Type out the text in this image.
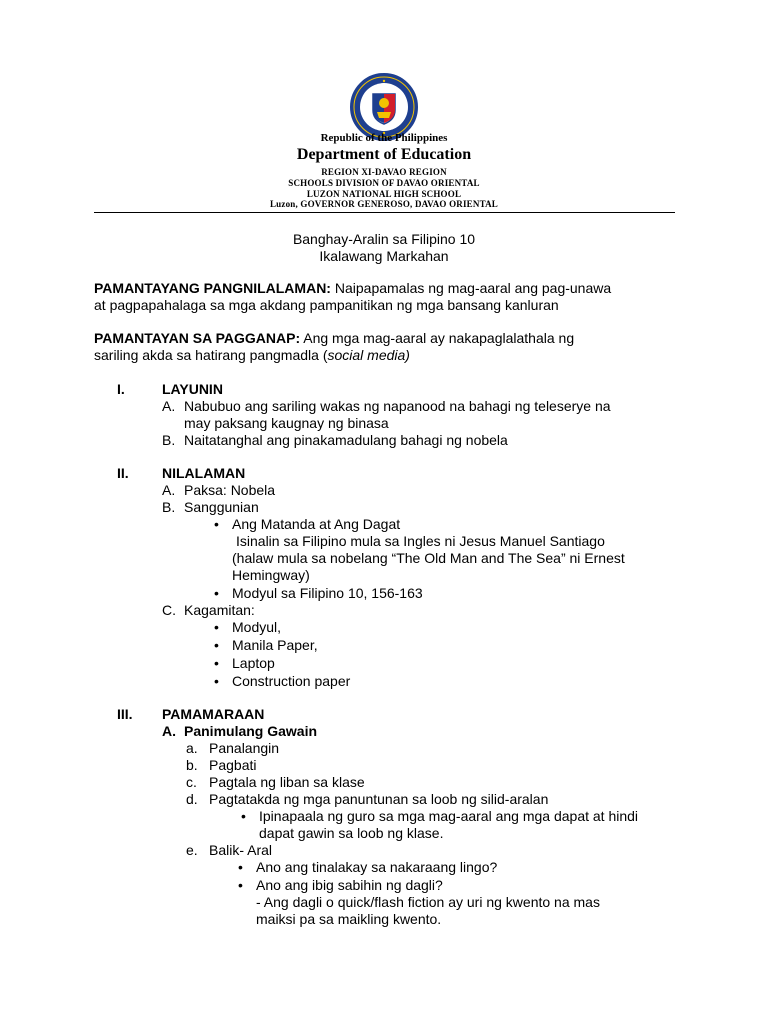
Republic of the Philippines
Department of Education
REGION XI-DAVAO REGION
SCHOOLS DIVISION OF DAVAO ORIENTAL
LUZON NATIONAL HIGH SCHOOL
Luzon, GOVERNOR GENEROSO, DAVAO ORIENTAL
Banghay-Aralin sa Filipino 10
Ikalawang Markahan
PAMANTAYANG PANGNILALAMAN: Naipapamalas ng mag-aaral ang pag-unawa
at pagpapahalaga sa mga akdang pampanitikan ng mga bansang kanluran
PAMANTAYAN SA PAGGANAP: Ang mga mag-aaral ay nakapaglalathala ng
sariling akda sa hatirang pangmadla (social media)
I.	LAYUNIN
A. Nabubuo ang sariling wakas ng napanood na bahagi ng teleserye na
may paksang kaugnay ng binasa
B. Naitatanghal ang pinakamadulang bahagi ng nobela
II. NILALAMAN
A. Paksa: Nobela
B. Sanggunian
• Ang Matanda at Ang Dagat
Isinalin sa Filipino mula sa Ingles ni Jesus Manuel Santiago
(halaw mula sa nobelang “The Old Man and The Sea” ni Ernest
Hemingway)
• Modyul sa Filipino 10, 156-163
C. Kagamitan:
• Modyul,
• Manila Paper,
• Laptop
• Construction paper
III. PAMAMARAAN
A. Panimulang Gawain
a. Panalangin
b. Pagbati
c. Pagtala ng liban sa klase
d. Pagtatakda ng mga panuntunan sa loob ng silid-aralan
• Ipinapaala ng guro sa mga mag-aaral ang mga dapat at hindi
dapat gawin sa loob ng klase.
e. Balik- Aral
• Ano ang tinalakay sa nakaraang lingo?
• Ano ang ibig sabihin ng dagli?
- Ang dagli o quick/flash fiction ay uri ng kwento na mas
maiksi pa sa maikling kwento.
